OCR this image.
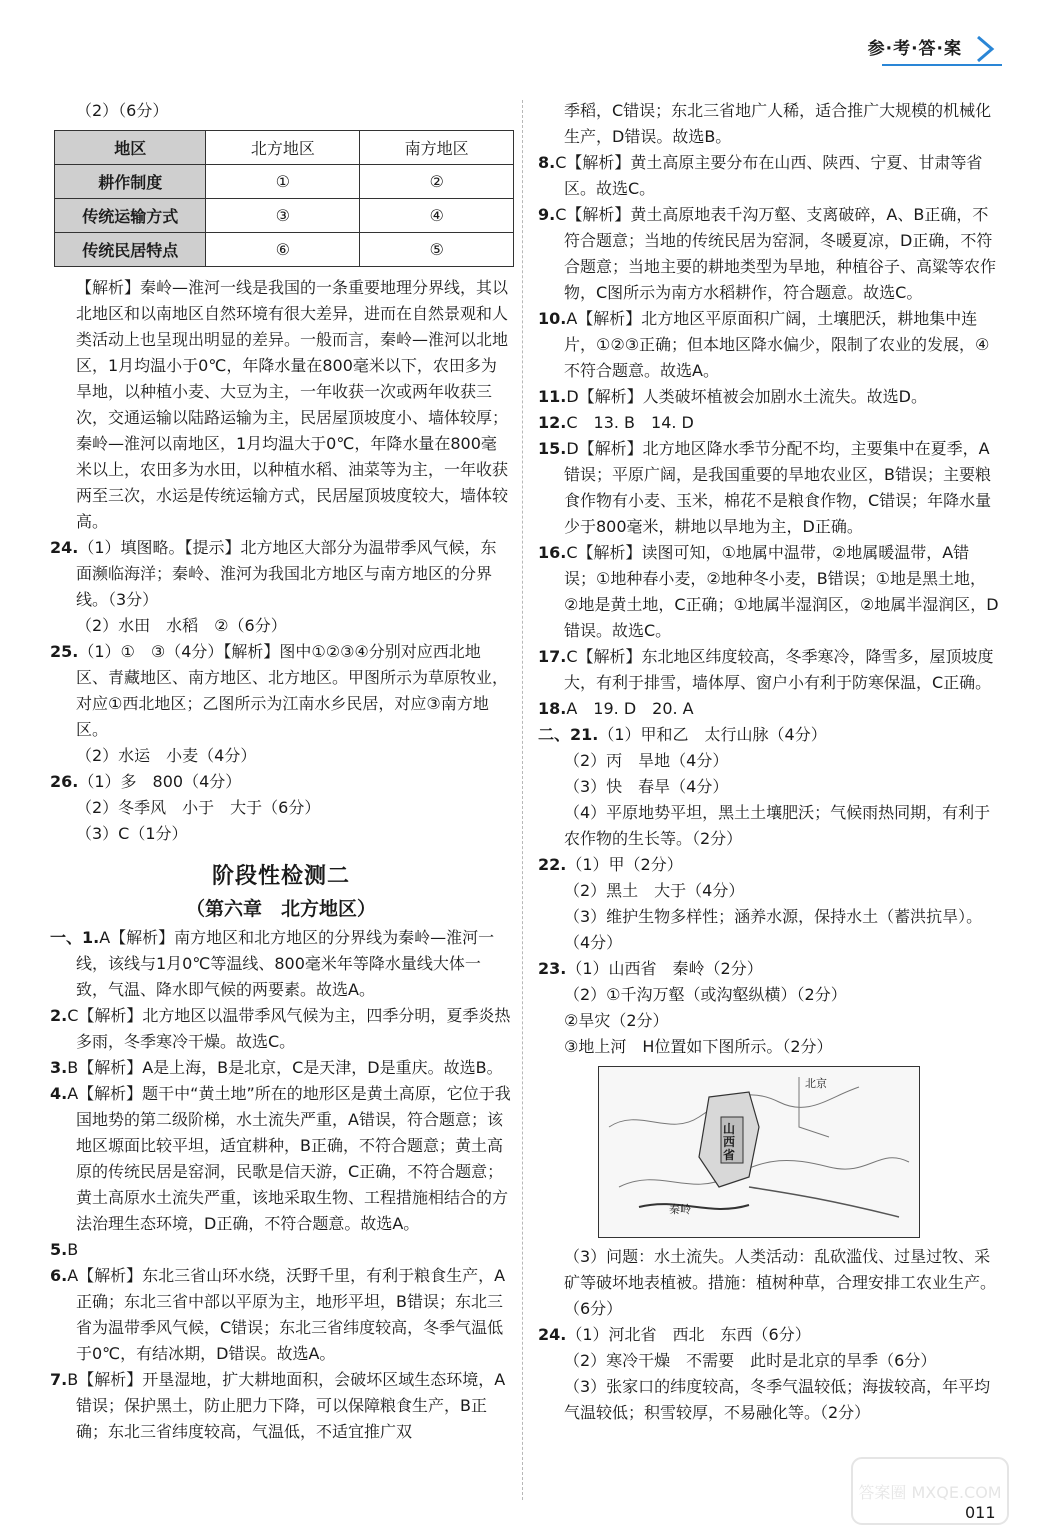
参·考·答·案

（2）（6分）

地区	北方地区	南方地区
耕作制度	①	②
传统运输方式	③	④
传统民居特点	⑥	⑤

【解析】秦岭—淮河一线是我国的一条重要地理分界线，其以北地区和以南地区自然环境有很大差异，进而在自然景观和人类活动上也呈现出明显的差异。一般而言，秦岭—淮河以北地区，1月均温小于0℃，年降水量在800毫米以下，农田多为旱地，以种植小麦、大豆为主，一年收获一次或两年收获三次，交通运输以陆路运输为主，民居屋顶坡度小、墙体较厚；秦岭—淮河以南地区，1月均温大于0℃，年降水量在800毫米以上，农田多为水田，以种植水稻、油菜等为主，一年收获两至三次，水运是传统运输方式，民居屋顶坡度较大，墙体较高。

24.（1）填图略。【提示】北方地区大部分为温带季风气候，东面濒临海洋；秦岭、淮河为我国北方地区与南方地区的分界线。（3分）

（2）水田　水稻　②（6分）

25.（1）①　③（4分）【解析】图中①②③④分别对应西北地区、青藏地区、南方地区、北方地区。甲图所示为草原牧业，对应①西北地区；乙图所示为江南水乡民居，对应③南方地区。

（2）水运　小麦（4分）

26.（1）多　800（4分）

（2）冬季风　小于　大于（6分）

（3）C（1分）

阶段性检测二
（第六章　北方地区）

一、1.A【解析】南方地区和北方地区的分界线为秦岭—淮河一线，该线与1月0℃等温线、800毫米年等降水量线大体一致，气温、降水即气候的两要素。故选A。

2.C【解析】北方地区以温带季风气候为主，四季分明，夏季炎热多雨，冬季寒冷干燥。故选C。

3.B【解析】A是上海，B是北京，C是天津，D是重庆。故选B。

4.A【解析】题干中“黄土地”所在的地形区是黄土高原，它位于我国地势的第二级阶梯，水土流失严重，A错误，符合题意；该地区塬面比较平坦，适宜耕种，B正确，不符合题意；黄土高原的传统民居是窑洞，民歌是信天游，C正确，不符合题意；黄土高原水土流失严重，该地采取生物、工程措施相结合的方法治理生态环境，D正确，不符合题意。故选A。

5.B

6.A【解析】东北三省山环水绕，沃野千里，有利于粮食生产，A正确；东北三省中部以平原为主，地形平坦，B错误；东北三省为温带季风气候，C错误；东北三省纬度较高，冬季气温低于0℃，有结冰期，D错误。故选A。

7.B【解析】开垦湿地，扩大耕地面积，会破坏区域生态环境，A错误；保护黑土，防止肥力下降，可以保障粮食生产，B正确；东北三省纬度较高，气温低，不适宜推广双

季稻，C错误；东北三省地广人稀，适合推广大规模的机械化生产，D错误。故选B。

8.C【解析】黄土高原主要分布在山西、陕西、宁夏、甘肃等省区。故选C。

9.C【解析】黄土高原地表千沟万壑、支离破碎，A、B正确，不符合题意；当地的传统民居为窑洞，冬暖夏凉，D正确，不符合题意；当地主要的耕地类型为旱地，种植谷子、高粱等农作物，C图所示为南方水稻耕作，符合题意。故选C。

10.A【解析】北方地区平原面积广阔，土壤肥沃，耕地集中连片，①②③正确；但本地区降水偏少，限制了农业的发展，④不符合题意。故选A。

11.D【解析】人类破坏植被会加剧水土流失。故选D。

12.C　13. B　14. D

15.D【解析】北方地区降水季节分配不均，主要集中在夏季，A错误；平原广阔，是我国重要的旱地农业区，B错误；主要粮食作物有小麦、玉米，棉花不是粮食作物，C错误；年降水量少于800毫米，耕地以旱地为主，D正确。

16.C【解析】读图可知，①地属中温带，②地属暖温带，A错误；①地种春小麦，②地种冬小麦，B错误；①地是黑土地，②地是黄土地，C正确；①地属半湿润区，②地属半湿润区，D错误。故选C。

17.C【解析】东北地区纬度较高，冬季寒冷，降雪多，屋顶坡度大，有利于排雪，墙体厚、窗户小有利于防寒保温，C正确。

18.A　19. D　20. A

二、21.（1）甲和乙　太行山脉（4分）

（2）丙　旱地（4分）

（3）快　春旱（4分）

（4）平原地势平坦，黑土土壤肥沃；气候雨热同期，有利于农作物的生长等。（2分）

22.（1）甲（2分）

（2）黑土　大于（4分）

（3）维护生物多样性；涵养水源，保持水土（蓄洪抗旱）。（4分）

23.（1）山西省　秦岭（2分）

（2）①千沟万壑（或沟壑纵横）（2分）

②旱灾（2分）

③地上河　H位置如下图所示。（2分）

北京
山西省
秦岭

（3）问题：水土流失。人类活动：乱砍滥伐、过垦过牧、采矿等破坏地表植被。措施：植树种草，合理安排工农业生产。（6分）

24.（1）河北省　西北　东西（6分）

（2）寒冷干燥　不需要　此时是北京的旱季（6分）

（3）张家口的纬度较高，冬季气温较低；海拔较高，年平均气温较低；积雪较厚，不易融化等。（2分）

011
答案圈 MXQE.COM
